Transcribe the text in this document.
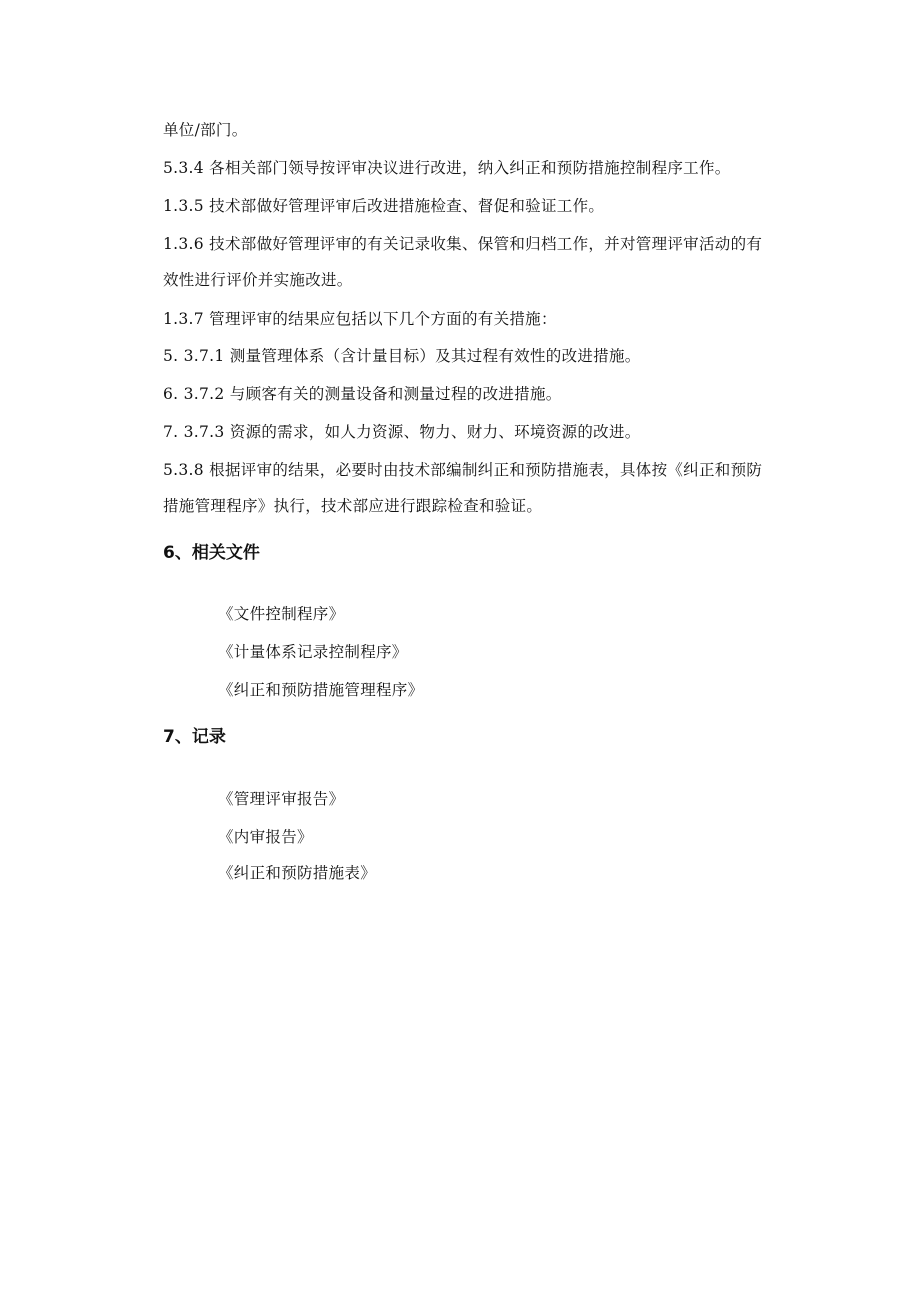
单位/部门。
5.3.4 各相关部门领导按评审决议进行改进，纳入纠正和预防措施控制程序工作。
1.3.5 技术部做好管理评审后改进措施检查、督促和验证工作。
1.3.6 技术部做好管理评审的有关记录收集、保管和归档工作，并对管理评审活动的有
效性进行评价并实施改进。
1.3.7 管理评审的结果应包括以下几个方面的有关措施：
5. 3.7.1 测量管理体系（含计量目标）及其过程有效性的改进措施。
6. 3.7.2 与顾客有关的测量设备和测量过程的改进措施。
7. 3.7.3 资源的需求，如人力资源、物力、财力、环境资源的改进。
5.3.8 根据评审的结果，必要时由技术部编制纠正和预防措施表，具体按《纠正和预防
措施管理程序》执行，技术部应进行跟踪检查和验证。
6、相关文件
《文件控制程序》
《计量体系记录控制程序》
《纠正和预防措施管理程序》
7、记录
《管理评审报告》
《内审报告》
《纠正和预防措施表》
